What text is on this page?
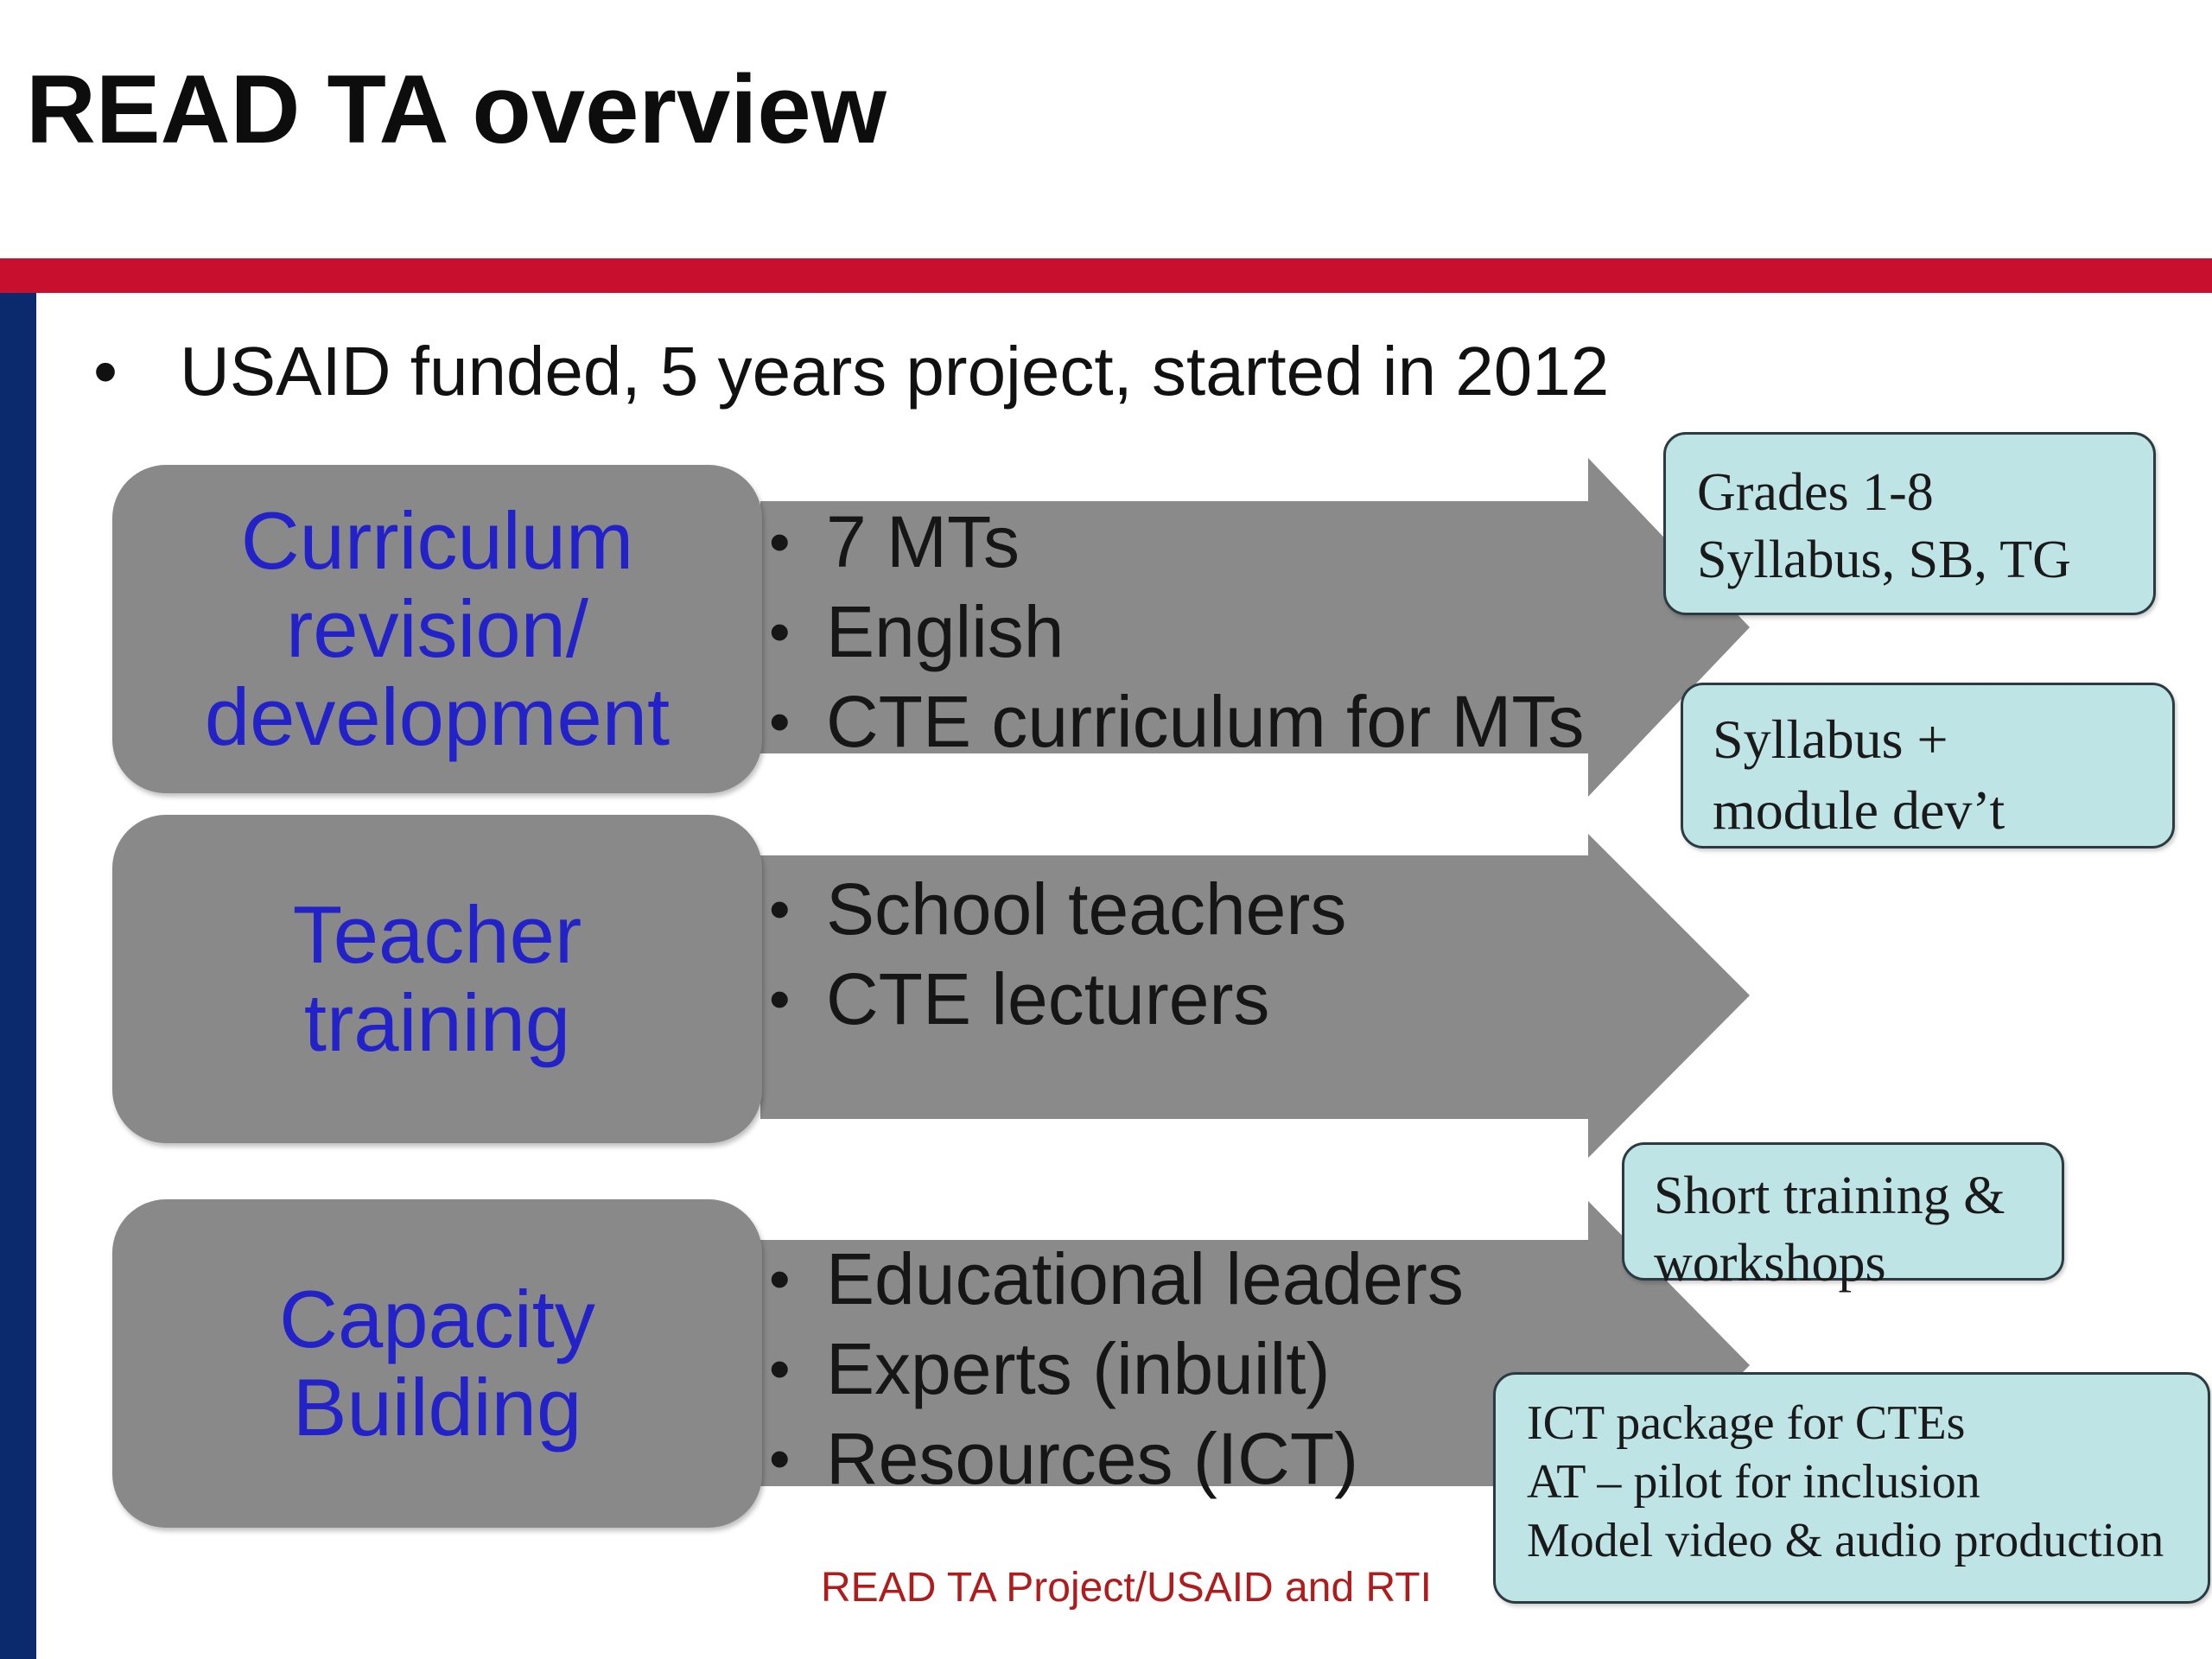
READ TA overview
• USAID funded, 5 years project, started in 2012
Curriculum
revision/
development
• 7 MTs
• English
• CTE curriculum for MTs
Teacher
training
• School teachers
• CTE lecturers
Capacity
Building
• Educational leaders
• Experts (inbuilt)
• Resources (ICT)
Grades 1-8
Syllabus, SB, TG
Syllabus +
module dev’t
Short training &
workshops
ICT package for CTEs
AT – pilot for inclusion
Model video & audio production
READ TA Project/USAID and RTI
